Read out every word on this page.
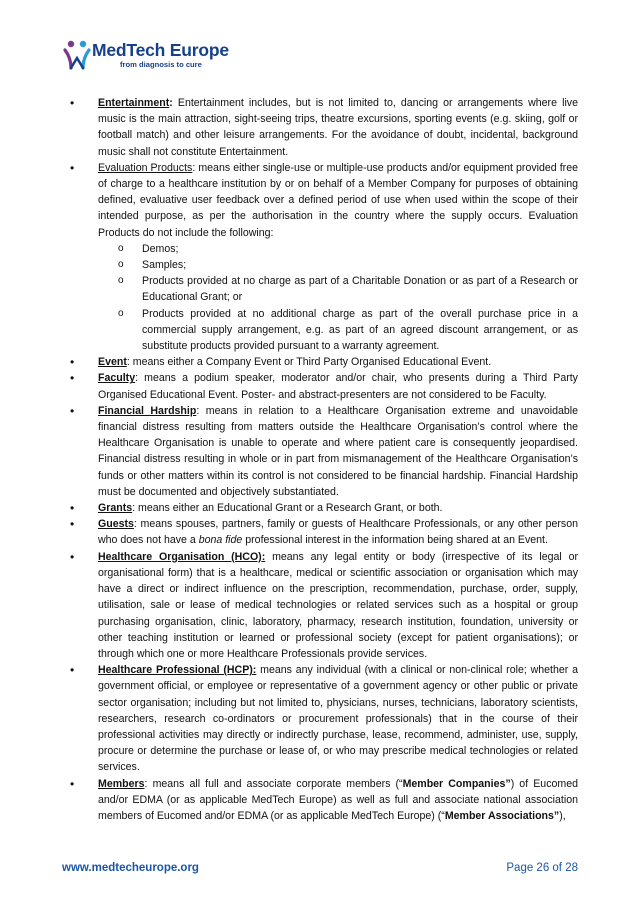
MedTech Europe
from diagnosis to cure
• Entertainment: Entertainment includes, but is not limited to, dancing or arrangements where live music is the main attraction, sight-seeing trips, theatre excursions, sporting events (e.g. skiing, golf or football match) and other leisure arrangements. For the avoidance of doubt, incidental, background music shall not constitute Entertainment.
• Evaluation Products: means either single-use or multiple-use products and/or equipment provided free of charge to a healthcare institution by or on behalf of a Member Company for purposes of obtaining defined, evaluative user feedback over a defined period of use when used within the scope of their intended purpose, as per the authorisation in the country where the supply occurs. Evaluation Products do not include the following:
o Demos;
o Samples;
o Products provided at no charge as part of a Charitable Donation or as part of a Research or Educational Grant; or
o Products provided at no additional charge as part of the overall purchase price in a commercial supply arrangement, e.g. as part of an agreed discount arrangement, or as substitute products provided pursuant to a warranty agreement.
• Event: means either a Company Event or Third Party Organised Educational Event.
• Faculty: means a podium speaker, moderator and/or chair, who presents during a Third Party Organised Educational Event. Poster- and abstract-presenters are not considered to be Faculty.
• Financial Hardship: means in relation to a Healthcare Organisation extreme and unavoidable financial distress resulting from matters outside the Healthcare Organisation’s control where the Healthcare Organisation is unable to operate and where patient care is consequently jeopardised. Financial distress resulting in whole or in part from mismanagement of the Healthcare Organisation’s funds or other matters within its control is not considered to be financial hardship. Financial Hardship must be documented and objectively substantiated.
• Grants: means either an Educational Grant or a Research Grant, or both.
• Guests: means spouses, partners, family or guests of Healthcare Professionals, or any other person who does not have a bona fide professional interest in the information being shared at an Event.
• Healthcare Organisation (HCO): means any legal entity or body (irrespective of its legal or organisational form) that is a healthcare, medical or scientific association or organisation which may have a direct or indirect influence on the prescription, recommendation, purchase, order, supply, utilisation, sale or lease of medical technologies or related services such as a hospital or group purchasing organisation, clinic, laboratory, pharmacy, research institution, foundation, university or other teaching institution or learned or professional society (except for patient organisations); or through which one or more Healthcare Professionals provide services.
• Healthcare Professional (HCP): means any individual (with a clinical or non-clinical role; whether a government official, or employee or representative of a government agency or other public or private sector organisation; including but not limited to, physicians, nurses, technicians, laboratory scientists, researchers, research co-ordinators or procurement professionals) that in the course of their professional activities may directly or indirectly purchase, lease, recommend, administer, use, supply, procure or determine the purchase or lease of, or who may prescribe medical technologies or related services.
• Members: means all full and associate corporate members (“Member Companies”) of Eucomed and/or EDMA (or as applicable MedTech Europe) as well as full and associate national association members of Eucomed and/or EDMA (or as applicable MedTech Europe) (“Member Associations”),
www.medtecheurope.org	Page 26 of 28
